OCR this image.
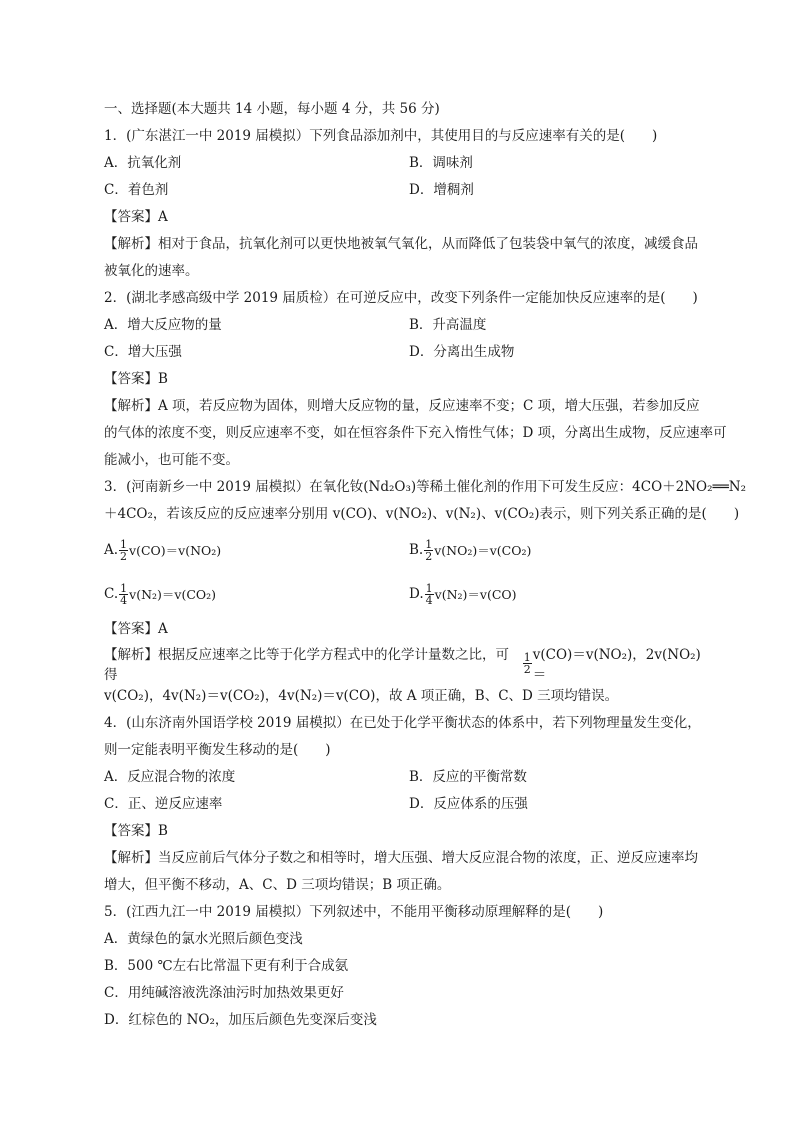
一、选择题(本大题共 14 小题，每小题 4 分，共 56 分)
1．(广东湛江一中 2019 届模拟）下列食品添加剂中，其使用目的与反应速率有关的是(　　)
A．抗氧化剂	B．调味剂
C．着色剂	D．增稠剂
【答案】A
【解析】相对于食品，抗氧化剂可以更快地被氧气氧化，从而降低了包装袋中氧气的浓度，减缓食品
被氧化的速率。
2．(湖北孝感高级中学 2019 届质检）在可逆反应中，改变下列条件一定能加快反应速率的是(　　)
A．增大反应物的量	B．升高温度
C．增大压强	D．分离出生成物
【答案】B
【解析】A 项，若反应物为固体，则增大反应物的量，反应速率不变；C 项，增大压强，若参加反应
的气体的浓度不变，则反应速率不变，如在恒容条件下充入惰性气体；D 项，分离出生成物，反应速率可
能减小，也可能不变。
3．(河南新乡一中 2019 届模拟）在氧化钕(Nd₂O₃)等稀土催化剂的作用下可发生反应：4CO＋2NO₂══N₂
＋4CO₂，若该反应的反应速率分别用 v(CO)、v(NO₂)、v(N₂)、v(CO₂)表示，则下列关系正确的是(　　)
A. $\frac{1}{2} v(CO)=v(NO_2)$	B. $\frac{1}{2} v(NO_2)=v(CO_2)$
C. $\frac{1}{4} v(N_2)=v(CO_2)$	D. $\frac{1}{4} v(N_2)=v(CO)$
【答案】A
【解析】根据反应速率之比等于化学方程式中的化学计量数之比，可得
$\frac{1}{2} v(CO)=v(NO_2)$，2v(NO₂)＝
v(CO₂)，4v(N₂)＝v(CO₂)，4v(N₂)＝v(CO)，故 A 项正确，B、C、D 三项均错误。
4．(山东济南外国语学校 2019 届模拟）在已处于化学平衡状态的体系中，若下列物理量发生变化，
则一定能表明平衡发生移动的是(　　)
A．反应混合物的浓度	B．反应的平衡常数
C．正、逆反应速率	D．反应体系的压强
【答案】B
【解析】当反应前后气体分子数之和相等时，增大压强、增大反应混合物的浓度，正、逆反应速率均
增大，但平衡不移动，A、C、D 三项均错误；B 项正确。
5．(江西九江一中 2019 届模拟）下列叙述中，不能用平衡移动原理解释的是(　　)
A．黄绿色的氯水光照后颜色变浅
B．500 ℃左右比常温下更有利于合成氨
C．用纯碱溶液洗涤油污时加热效果更好
D．红棕色的 NO₂，加压后颜色先变深后变浅
